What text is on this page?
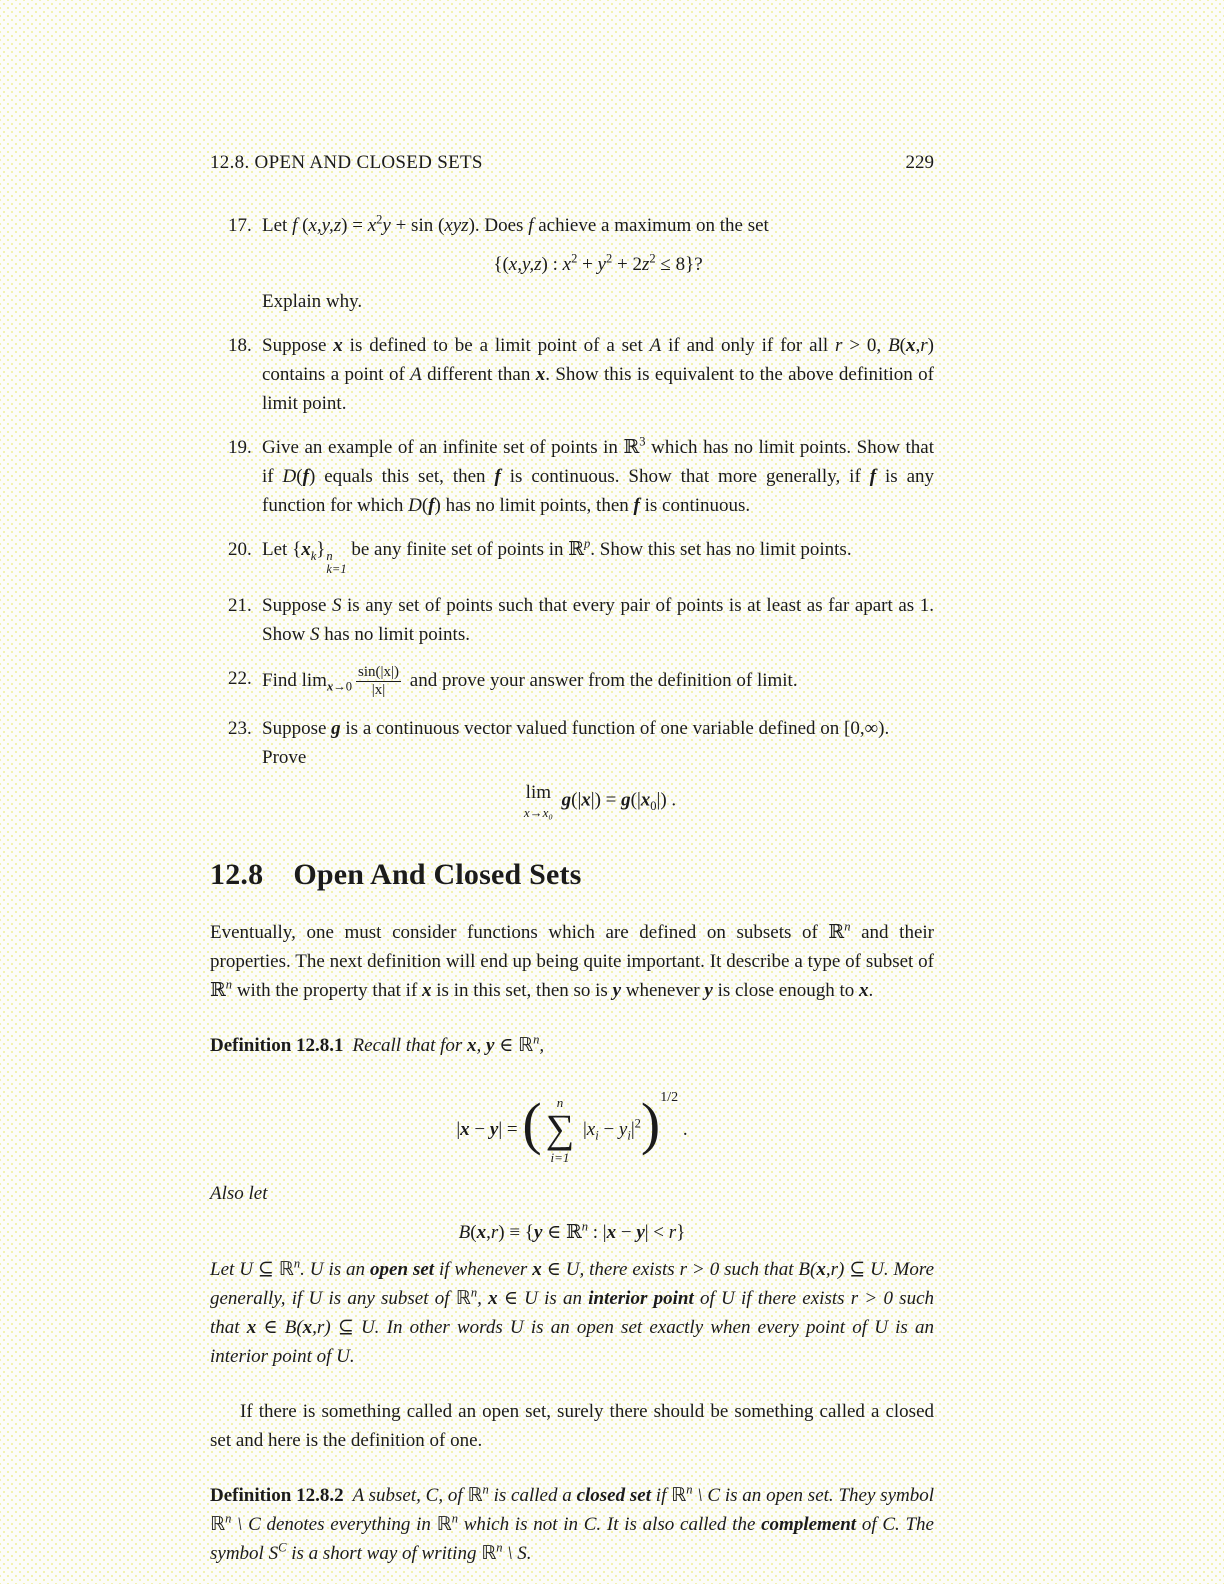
12.8. OPEN AND CLOSED SETS	229
17. Let f $(x,y,z) = x^2y + \sin (xyz)$. Does f achieve a maximum on the set
{(x,y,z) : $x^2 + y^2 + 2z^2 \le 8$}?
Explain why.
18. Suppose x is defined to be a limit point of a set A if and only if for all r > 0, B(x,r) contains a point of A different than x. Show this is equivalent to the above definition of limit point.
19. Give an example of an infinite set of points in ℝ$^3$ which has no limit points. Show that if D(f) equals this set, then f is continuous. Show that more generally, if f is any function for which D(f) has no limit points, then f is continuous.
20. Let $\{x_k\}$ n
k=1
be any finite set of points in ℝ$^p$. Show this set has no limit points.
21. Suppose S is any set of points such that every pair of points is at least as far apart as 1. Show S has no limit points.
22. Find $\lim_{x\to 0} \frac{\sin(|x|)}{|x|}$ and prove your answer from the definition of limit.
23. Suppose g is a continuous vector valued function of one variable defined on [0,∞).
Prove
lim
x→x₀
$g(|x|) = g(|x_0|)$ .
12.8 Open And Closed Sets

Eventually, one must consider functions which are defined on subsets of ℝ$^n$ and their properties. The next definition will end up being quite important. It describe a type of subset of ℝ$^n$ with the property that if x is in this set, then so is y whenever y is close enough to x.

Definition 12.8.1 Recall that for x, y ∈ ℝ$^n$,

|x − y| = ( n
∑
i=1
$|x_i - y_i|^2)^{1/2}$ .

Also let

B(x,r) ≡ {y ∈ ℝ$^n$ : |x − y| < r}

Let U ⊆ ℝ$^n$. U is an open set if whenever x ∈ U, there exists r > 0 such that B(x,r) ⊆ U. More generally, if U is any subset of ℝ$^n$, x ∈ U is an interior point of U if there exists r > 0 such that x ∈ B(x,r) ⊆ U. In other words U is an open set exactly when every point of U is an interior point of U.

If there is something called an open set, surely there should be something called a closed set and here is the definition of one.

Definition 12.8.2 A subset, C, of ℝ$^n$ is called a closed set if ℝ$^n$ \ C is an open set. They symbol ℝ$^n$ \ C denotes everything in ℝ$^n$ which is not in C. It is also called the complement of C. The symbol $S^C$ is a short way of writing ℝ$^n$ \ S.
